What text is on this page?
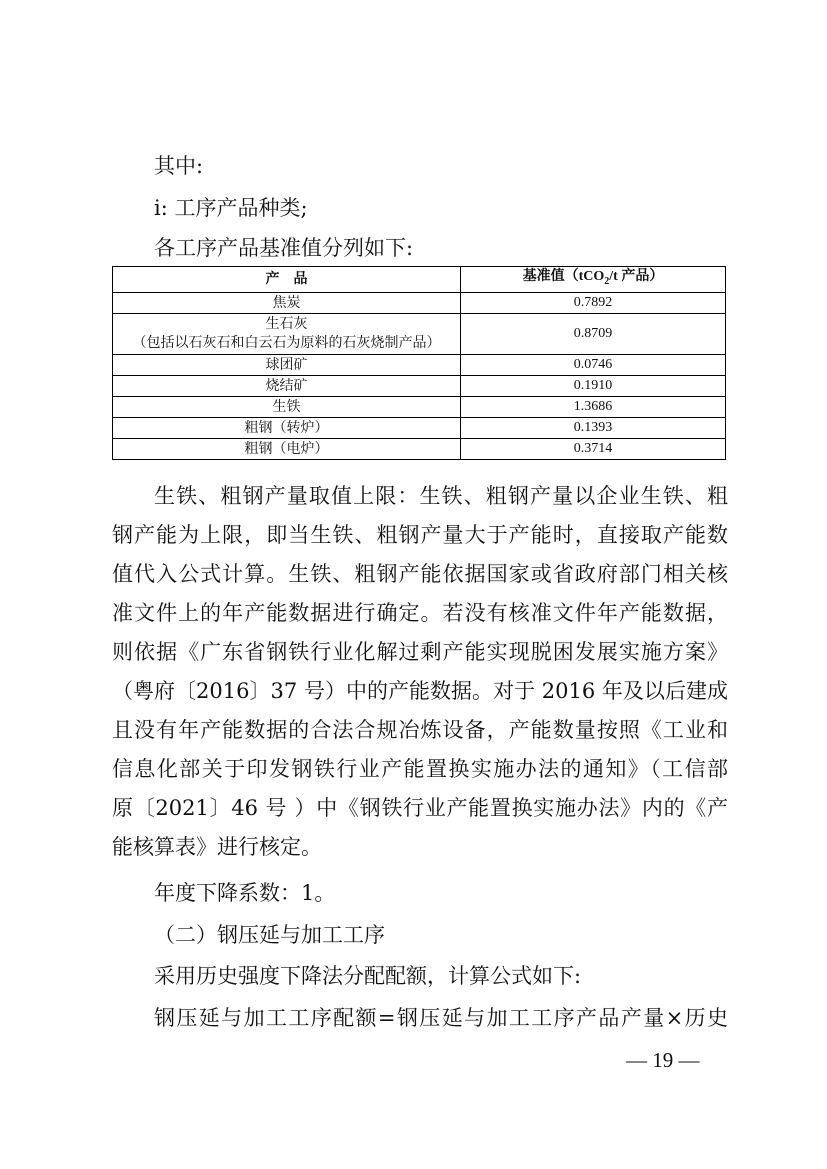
其中:
i: 工序产品种类;
各工序产品基准值分列如下:
产　品	基准值（tCO$_2$/t 产品）
焦炭	0.7892

生石灰
（包括以石灰石和白云石为原料的石灰烧制产品）	0.8709
球团矿	0.0746
烧结矿	0.1910
生铁	1.3686
粗钢（转炉）	0.1393
粗钢（电炉）	0.3714
生铁、粗钢产量取值上限：生铁、粗钢产量以企业生铁、粗
钢产能为上限，即当生铁、粗钢产量大于产能时，直接取产能数
值代入公式计算。生铁、粗钢产能依据国家或省政府部门相关核
准文件上的年产能数据进行确定。若没有核准文件年产能数据，
则依据《广东省钢铁行业化解过剩产能实现脱困发展实施方案》
（粤府〔2016〕37 号）中的产能数据。对于 2016 年及以后建成
且没有年产能数据的合法合规冶炼设备，产能数量按照《工业和
信息化部关于印发钢铁行业产能置换实施办法的通知》（工信部
原〔2021〕46 号 ）中《钢铁行业产能置换实施办法》内的《产
能核算表》进行核定。
年度下降系数：1。
（二）钢压延与加工工序
采用历史强度下降法分配配额，计算公式如下:
钢压延与加工工序配额=钢压延与加工工序产品产量×历史
— 19 —
